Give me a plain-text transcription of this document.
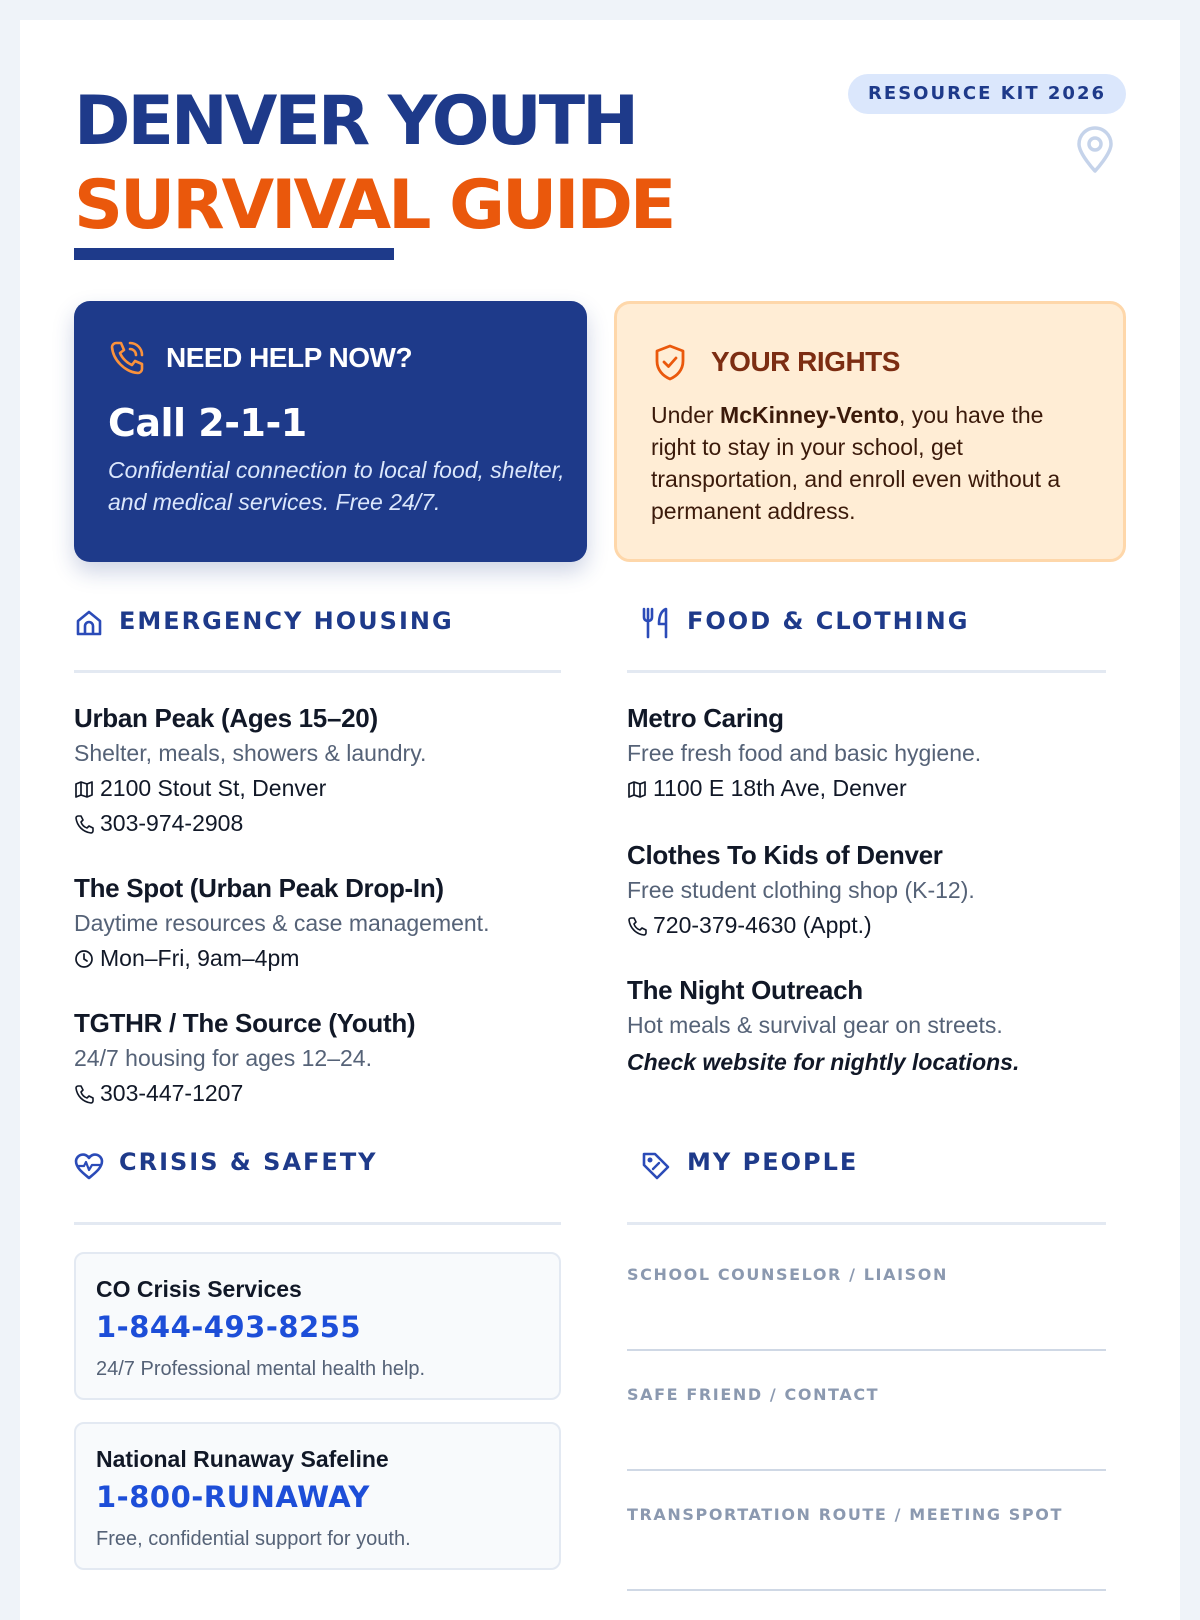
DENVER YOUTH
SURVIVAL GUIDE
RESOURCE KIT 2026
NEED HELP NOW?
Call 2-1-1
Confidential connection to local food, shelter, and medical services. Free 24/7.
YOUR RIGHTS

Under McKinney-Vento, you have the right to stay in your school, get transportation, and enroll even without a permanent address.

EMERGENCY HOUSING
Urban Peak (Ages 15–20)
Shelter, meals, showers & laundry.
2100 Stout St, Denver
303-974-2908
The Spot (Urban Peak Drop-In)
Daytime resources & case management.
Mon–Fri, 9am–4pm
TGTHR / The Source (Youth)
24/7 housing for ages 12–24.
303-447-1207
FOOD & CLOTHING
Metro Caring
Free fresh food and basic hygiene.
1100 E 18th Ave, Denver
Clothes To Kids of Denver
Free student clothing shop (K-12).
720-379-4630 (Appt.)
The Night Outreach
Hot meals & survival gear on streets.
Check website for nightly locations.
CRISIS & SAFETY
CO Crisis Services
1-844-493-8255
24/7 Professional mental health help.
National Runaway Safeline
1-800-RUNAWAY
Free, confidential support for youth.
MY PEOPLE
SCHOOL COUNSELOR / LIAISON
SAFE FRIEND / CONTACT
TRANSPORTATION ROUTE / MEETING SPOT
